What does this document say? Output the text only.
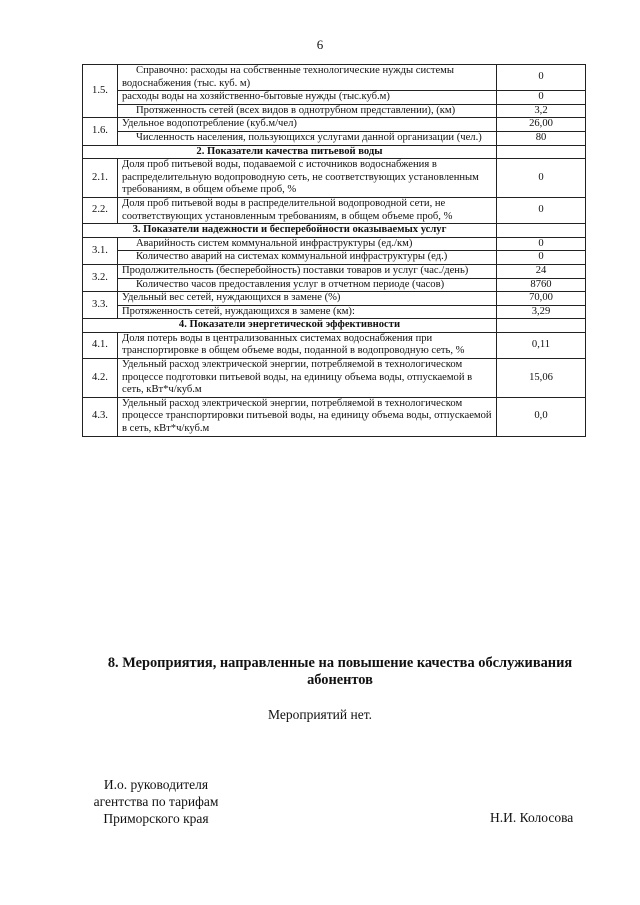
6
1.5.	Справочно: расходы на собственные технологические нужды системы водоснабжения (тыс. куб. м)	0
	расходы воды на хозяйственно-бытовые нужды (тыс.куб.м)	0
	Протяженность сетей (всех видов в однотрубном представлении), (км)	3,2
1.6.	Удельное водопотребление (куб.м/чел)	26,00
	Численность населения, пользующихся услугами данной организации (чел.)	80
2. Показатели качества питьевой воды		
2.1.	Доля проб питьевой воды, подаваемой с источников водоснабжения в распределительную водопроводную сеть, не соответствующих установленным требованиям, в общем объеме проб, %	0
2.2.	Доля проб питьевой воды в распределительной водопроводной сети, не соответствующих установленным требованиям, в общем объеме проб, %	0
3. Показатели надежности и бесперебойности оказываемых услуг		
3.1.	Аварийность систем коммунальной инфраструктуры (ед./км)	0
	Количество аварий на системах коммунальной инфраструктуры (ед.)	0
3.2.	Продолжительность (бесперебойность) поставки товаров и услуг (час./день)	24
	Количество часов предоставления услуг в отчетном периоде (часов)	8760
3.3.	Удельный вес сетей, нуждающихся в замене (%)	70,00
	Протяженность сетей, нуждающихся в замене (км):	3,29
4. Показатели энергетической эффективности		
4.1.	Доля потерь воды в централизованных системах водоснабжения при транспортировке в общем объеме воды, поданной в водопроводную сеть, %	0,11
4.2.	Удельный расход электрической энергии, потребляемой в технологическом процессе подготовки питьевой воды, на единицу объема воды, отпускаемой в сеть, кВт*ч/куб.м	15,06
4.3.	Удельный расход электрической энергии, потребляемой в технологическом процессе транспортировки питьевой воды, на единицу объема воды, отпускаемой в сеть, кВт*ч/куб.м	0,0
8. Мероприятия, направленные на повышение качества обслуживания абонентов
Мероприятий нет.
И.о. руководителя
агентства по тарифам
Приморского края	Н.И. Колосова
